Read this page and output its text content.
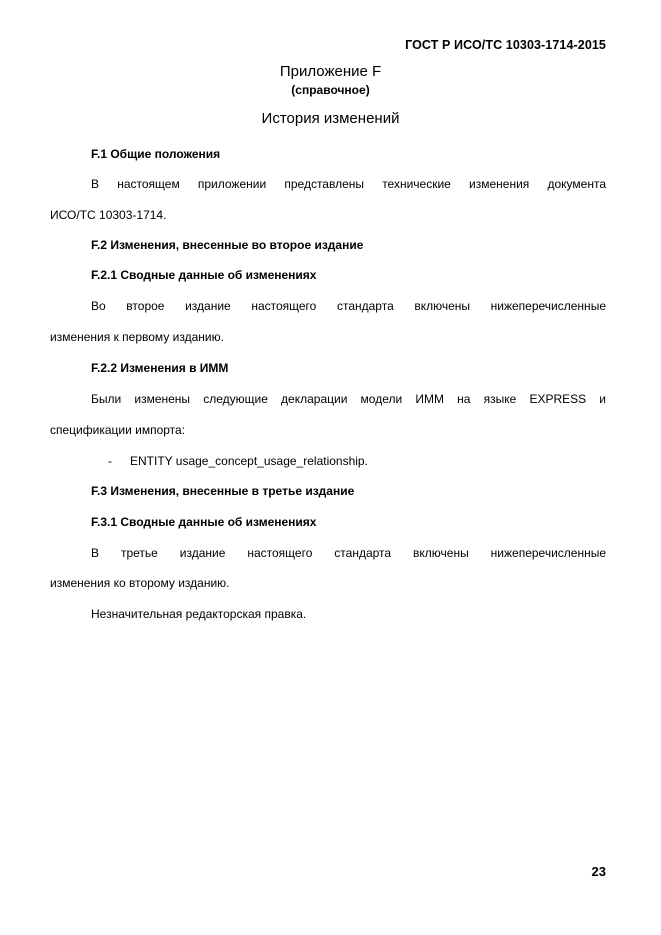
ГОСТ Р ИСО/ТС 10303-1714-2015
Приложение F
(справочное)
История изменений
F.1 Общие положения
В настоящем приложении представлены технические изменения документа
ИСО/ТС 10303-1714.
F.2 Изменения, внесенные во второе издание
F.2.1 Сводные данные об изменениях
Во второе издание настоящего стандарта включены нижеперечисленные
изменения к первому изданию.
F.2.2 Изменения в ИММ
Были изменены следующие декларации модели ИММ на языке EXPRESS и
спецификации импорта:
- ENTITY usage_concept_usage_relationship.
F.3 Изменения, внесенные в третье издание
F.3.1 Сводные данные об изменениях
В третье издание настоящего стандарта включены нижеперечисленные
изменения ко второму изданию.
Незначительная редакторская правка.
23
